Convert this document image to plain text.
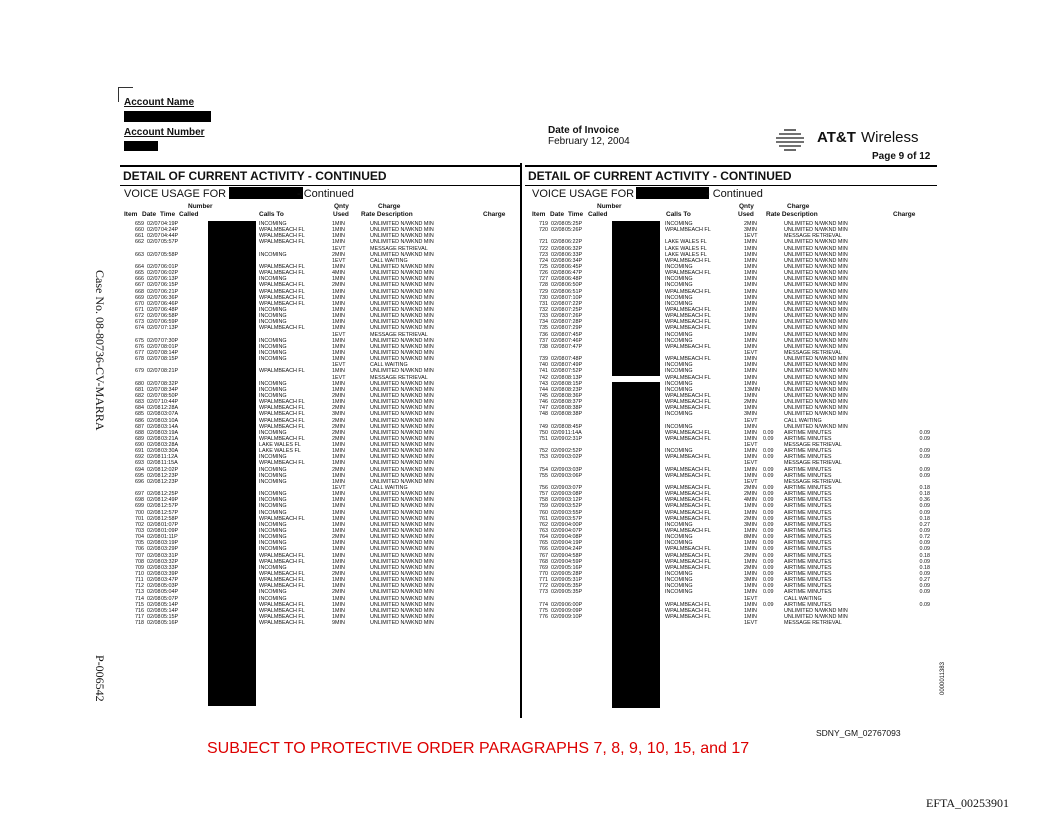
Account Name
Account Number	Date of Invoice
February 12, 2004	AT&T Wireless
Page 9 of 12
DETAIL OF CURRENT ACTIVITY - CONTINUED	DETAIL OF CURRENT ACTIVITY - CONTINUED
VOICE USAGE FOR	- Continued
Number	Qnty	Charge
Item Date Time Called	Calls To	Used Rate Description	Charge
VOICE USAGE FOR	- Continued
Number	Qnty	Charge
Item Date Time Called	Calls To	Used Rate Description	Charge
659 02/07 04:19P	INCOMING	1MIN	UNLIMITED N/WKND MIN
660 02/07 04:24P	WPALMBEACH FL	1MIN	UNLIMITED N/WKND MIN
661 02/07 04:44P	WPALMBEACH FL	1MIN	UNLIMITED N/WKND MIN
662 02/07 05:57P	WPALMBEACH FL	1MIN	UNLIMITED N/WKND MIN
1EVT	MESSAGE RETRIEVAL
663 02/07 05:58P	INCOMING	2MIN	UNLIMITED N/WKND MIN
1EVT	CALL WAITING
664 02/07 06:01P	WPALMBEACH FL	1MIN	UNLIMITED N/WKND MIN
665 02/07 06:02P	WPALMBEACH FL	4MIN	UNLIMITED N/WKND MIN
666 02/07 06:13P	INCOMING	1MIN	UNLIMITED N/WKND MIN
667 02/07 06:15P	WPALMBEACH FL	2MIN	UNLIMITED N/WKND MIN
668 02/07 06:21P	WPALMBEACH FL	1MIN	UNLIMITED N/WKND MIN
669 02/07 06:36P	WPALMBEACH FL	1MIN	UNLIMITED N/WKND MIN
670 02/07 06:46P	WPALMBEACH FL	1MIN	UNLIMITED N/WKND MIN
671 02/07 06:48P	INCOMING	1MIN	UNLIMITED N/WKND MIN
672 02/07 06:58P	INCOMING	1MIN	UNLIMITED N/WKND MIN
673 02/07 06:59P	INCOMING	1MIN	UNLIMITED N/WKND MIN
674 02/07 07:13P	WPALMBEACH FL	1MIN	UNLIMITED N/WKND MIN
1EVT	MESSAGE RETRIEVAL
675 02/07 07:30P	INCOMING	1MIN	UNLIMITED N/WKND MIN
676 02/07 08:01P	INCOMING	1MIN	UNLIMITED N/WKND MIN
677 02/07 08:14P	INCOMING	1MIN	UNLIMITED N/WKND MIN
678 02/07 08:15P	INCOMING	1MIN	UNLIMITED N/WKND MIN
1EVT	CALL WAITING
679 02/07 08:21P	WPALMBEACH FL	1MIN	UNLIMITED N/WKND MIN
1EVT	MESSAGE RETRIEVAL
680 02/07 08:32P	INCOMING	1MIN	UNLIMITED N/WKND MIN
681 02/07 08:34P	INCOMING	1MIN	UNLIMITED N/WKND MIN
682 02/07 08:50P	INCOMING	2MIN	UNLIMITED N/WKND MIN
683 02/07 10:44P	WPALMBEACH FL	1MIN	UNLIMITED N/WKND MIN
684 02/08 12:28A	WPALMBEACH FL	2MIN	UNLIMITED N/WKND MIN
685 02/08 03:07A	WPALMBEACH FL	3MIN	UNLIMITED N/WKND MIN
686 02/08 03:10A	WPALMBEACH FL	2MIN	UNLIMITED N/WKND MIN
687 02/08 03:14A	WPALMBEACH FL	2MIN	UNLIMITED N/WKND MIN
688 02/08 03:19A	INCOMING	2MIN	UNLIMITED N/WKND MIN
689 02/08 03:21A	WPALMBEACH FL	2MIN	UNLIMITED N/WKND MIN
690 02/08 03:28A	LAKE WALES FL	1MIN	UNLIMITED N/WKND MIN
691 02/08 03:30A	LAKE WALES FL	1MIN	UNLIMITED N/WKND MIN
692 02/08 11:12A	INCOMING	1MIN	UNLIMITED N/WKND MIN
693 02/08 11:15A	WPALMBEACH FL	1MIN	UNLIMITED N/WKND MIN
694 02/08 12:02P	INCOMING	2MIN	UNLIMITED N/WKND MIN
695 02/08 12:23P	INCOMING	1MIN	UNLIMITED N/WKND MIN
696 02/08 12:23P	INCOMING	1MIN	UNLIMITED N/WKND MIN
1EVT	CALL WAITING
697 02/08 12:25P	INCOMING	1MIN	UNLIMITED N/WKND MIN
698 02/08 12:49P	INCOMING	1MIN	UNLIMITED N/WKND MIN
699 02/08 12:57P	INCOMING	1MIN	UNLIMITED N/WKND MIN
700 02/08 12:57P	INCOMING	1MIN	UNLIMITED N/WKND MIN
701 02/08 12:58P	WPALMBEACH FL	1MIN	UNLIMITED N/WKND MIN
702 02/08 01:07P	INCOMING	1MIN	UNLIMITED N/WKND MIN
703 02/08 01:09P	INCOMING	1MIN	UNLIMITED N/WKND MIN
704 02/08 01:11P	INCOMING	2MIN	UNLIMITED N/WKND MIN
705 02/08 03:19P	INCOMING	1MIN	UNLIMITED N/WKND MIN
706 02/08 03:29P	INCOMING	1MIN	UNLIMITED N/WKND MIN
707 02/08 03:31P	WPALMBEACH FL	1MIN	UNLIMITED N/WKND MIN
708 02/08 03:32P	WPALMBEACH FL	1MIN	UNLIMITED N/WKND MIN
709 02/08 03:33P	INCOMING	1MIN	UNLIMITED N/WKND MIN
710 02/08 03:39P	WPALMBEACH FL	2MIN	UNLIMITED N/WKND MIN
711 02/08 03:47P	WPALMBEACH FL	1MIN	UNLIMITED N/WKND MIN
712 02/08 05:03P	WPALMBEACH FL	1MIN	UNLIMITED N/WKND MIN
713 02/08 05:04P	INCOMING	2MIN	UNLIMITED N/WKND MIN
714 02/08 05:07P	INCOMING	1MIN	UNLIMITED N/WKND MIN
715 02/08 05:14P	WPALMBEACH FL	1MIN	UNLIMITED N/WKND MIN
716 02/08 05:14P	WPALMBEACH FL	1MIN	UNLIMITED N/WKND MIN
717 02/08 05:15P	WPALMBEACH FL	1MIN	UNLIMITED N/WKND MIN
718 02/08 05:16P	WPALMBEACH FL	9MIN	UNLIMITED N/WKND MIN
719 02/08 05:25P	INCOMING	2MIN	UNLIMITED N/WKND MIN
720 02/08 05:26P	WPALMBEACH FL	3MIN	UNLIMITED N/WKND MIN
1EVT	MESSAGE RETRIEVAL
721 02/08 06:22P	LAKE WALES FL	1MIN	UNLIMITED N/WKND MIN
722 02/08 06:32P	LAKE WALES FL	1MIN	UNLIMITED N/WKND MIN
723 02/08 06:33P	LAKE WALES FL	1MIN	UNLIMITED N/WKND MIN
724 02/08 06:34P	WPALMBEACH FL	1MIN	UNLIMITED N/WKND MIN
725 02/08 06:45P	INCOMING	1MIN	UNLIMITED N/WKND MIN
726 02/08 06:47P	WPALMBEACH FL	1MIN	UNLIMITED N/WKND MIN
727 02/08 06:48P	INCOMING	1MIN	UNLIMITED N/WKND MIN
728 02/08 06:50P	INCOMING	1MIN	UNLIMITED N/WKND MIN
729 02/08 06:51P	WPALMBEACH FL	1MIN	UNLIMITED N/WKND MIN
730 02/08 07:10P	INCOMING	1MIN	UNLIMITED N/WKND MIN
731 02/08 07:22P	INCOMING	1MIN	UNLIMITED N/WKND MIN
732 02/08 07:25P	WPALMBEACH FL	1MIN	UNLIMITED N/WKND MIN
733 02/08 07:26P	WPALMBEACH FL	1MIN	UNLIMITED N/WKND MIN
734 02/08 07:28P	WPALMBEACH FL	1MIN	UNLIMITED N/WKND MIN
735 02/08 07:29P	WPALMBEACH FL	1MIN	UNLIMITED N/WKND MIN
736 02/08 07:45P	INCOMING	1MIN	UNLIMITED N/WKND MIN
737 02/08 07:46P	INCOMING	1MIN	UNLIMITED N/WKND MIN
738 02/08 07:47P	WPALMBEACH FL	1MIN	UNLIMITED N/WKND MIN
1EVT	MESSAGE RETRIEVAL
739 02/08 07:48P	WPALMBEACH FL	1MIN	UNLIMITED N/WKND MIN
740 02/08 07:49P	INCOMING	1MIN	UNLIMITED N/WKND MIN
741 02/08 07:52P	INCOMING	1MIN	UNLIMITED N/WKND MIN
742 02/08 08:13P	WPALMBEACH FL	1MIN	UNLIMITED N/WKND MIN
743 02/08 08:15P	INCOMING	1MIN	UNLIMITED N/WKND MIN
744 02/08 08:23P	INCOMING	13MIN	UNLIMITED N/WKND MIN
745 02/08 08:36P	WPALMBEACH FL	1MIN	UNLIMITED N/WKND MIN
746 02/08 08:37P	WPALMBEACH FL	2MIN	UNLIMITED N/WKND MIN
747 02/08 08:38P	WPALMBEACH FL	1MIN	UNLIMITED N/WKND MIN
748 02/08 08:38P	INCOMING	3MIN	UNLIMITED N/WKND MIN
1EVT	CALL WAITING
749 02/08 08:45P	INCOMING	1MIN	UNLIMITED N/WKND MIN
750 02/09 11:14A	WPALMBEACH FL	1MIN 0.09 AIRTIME MINUTES	0.09
751 02/09 02:31P	WPALMBEACH FL	1MIN 0.09 AIRTIME MINUTES	0.09
1EVT	MESSAGE RETRIEVAL
752 02/09 02:52P	INCOMING	1MIN 0.09 AIRTIME MINUTES	0.09
753 02/09 03:02P	WPALMBEACH FL	1MIN 0.09 AIRTIME MINUTES	0.09
1EVT	MESSAGE RETRIEVAL
754 02/09 03:03P	WPALMBEACH FL	1MIN 0.09 AIRTIME MINUTES	0.09
755 02/09 03:06P	WPALMBEACH FL	1MIN 0.09 AIRTIME MINUTES	0.09
1EVT	MESSAGE RETRIEVAL
756 02/09 03:07P	WPALMBEACH FL	2MIN 0.09 AIRTIME MINUTES	0.18
757 02/09 03:08P	WPALMBEACH FL	2MIN 0.09 AIRTIME MINUTES	0.18
758 02/09 03:12P	WPALMBEACH FL	4MIN 0.09 AIRTIME MINUTES	0.36
759 02/09 03:52P	WPALMBEACH FL	1MIN 0.09 AIRTIME MINUTES	0.09
760 02/09 03:55P	WPALMBEACH FL	1MIN 0.09 AIRTIME MINUTES	0.09
761 02/09 03:57P	WPALMBEACH FL	2MIN 0.09 AIRTIME MINUTES	0.18
762 02/09 04:00P	INCOMING	3MIN 0.09 AIRTIME MINUTES	0.27
763 02/09 04:07P	WPALMBEACH FL	1MIN 0.09 AIRTIME MINUTES	0.09
764 02/09 04:08P	INCOMING	8MIN 0.09 AIRTIME MINUTES	0.72
765 02/09 04:19P	INCOMING	1MIN 0.09 AIRTIME MINUTES	0.09
766 02/09 04:24P	WPALMBEACH FL	1MIN 0.09 AIRTIME MINUTES	0.09
767 02/09 04:58P	WPALMBEACH FL	2MIN 0.09 AIRTIME MINUTES	0.18
768 02/09 04:59P	WPALMBEACH FL	1MIN 0.09 AIRTIME MINUTES	0.09
769 02/09 05:16P	WPALMBEACH FL	2MIN 0.09 AIRTIME MINUTES	0.18
770 02/09 05:28P	INCOMING	1MIN 0.09 AIRTIME MINUTES	0.09
771 02/09 05:31P	INCOMING	3MIN 0.09 AIRTIME MINUTES	0.27
772 02/09 05:35P	INCOMING	1MIN 0.09 AIRTIME MINUTES	0.09
773 02/09 05:35P	INCOMING	1MIN 0.09 AIRTIME MINUTES	0.09
1EVT	CALL WAITING
774 02/09 06:00P	WPALMBEACH FL	1MIN 0.09 AIRTIME MINUTES	0.09
775 02/09 09:09P	WPALMBEACH FL	1MIN	UNLIMITED N/WKND MIN
776 02/09 09:10P	WPALMBEACH FL	1MIN	UNLIMITED N/WKND MIN
1EVT	MESSAGE RETRIEVAL
Case No. 08-80736-CV-MARRA
P-006542	0000011383
SDNY_GM_02767093
SUBJECT TO PROTECTIVE ORDER PARAGRAPHS 7, 8, 9, 10, 15, and 17
EFTA_00253901
